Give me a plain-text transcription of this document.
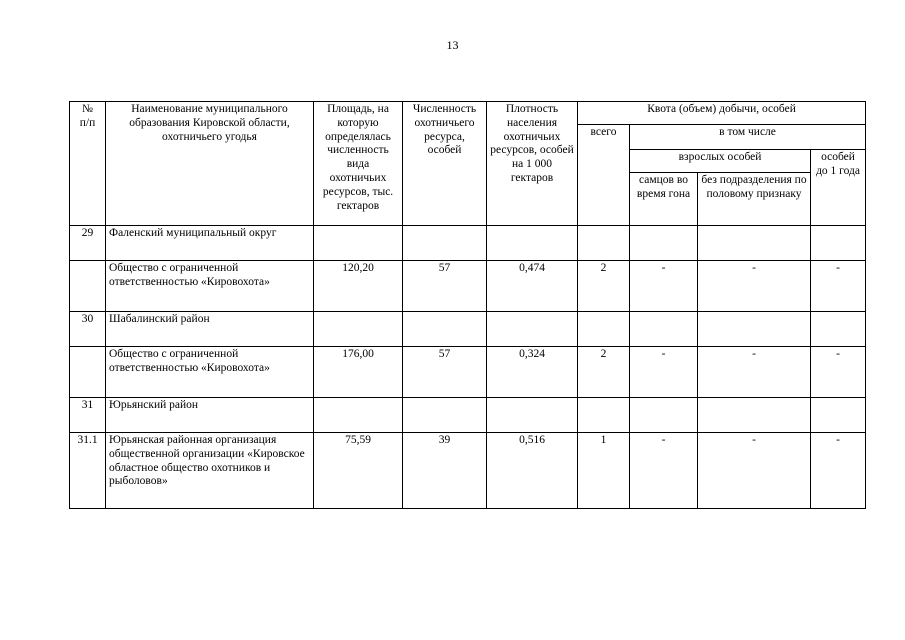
13
№
п/п	Наименование муниципального образования Кировской области, охотничьего угодья	Площадь, на которую определялась численность вида охотничьих ресурсов, тыс. гектаров	Численность охотничьего ресурса, особей	Плотность населения охотничьих ресурсов, особей на 1 000 гектаров	Квота (объем) добычи, особей			
					всего	в том числе		
						взрослых особей		особей до 1 года
						самцов во время гона	без подразделения по половому признаку	
29	Фаленский муниципальный округ							
	Общество с ограниченной ответственностью «Кировохота»	120,20	57	0,474	2	-	-	-
30	Шабалинский район							
	Общество с ограниченной ответственностью «Кировохота»	176,00	57	0,324	2	-	-	-
31	Юрьянский район							
31.1	Юрьянская районная организация общественной организации «Кировское областное общество охотников и рыболовов»	75,59	39	0,516	1	-	-	-
